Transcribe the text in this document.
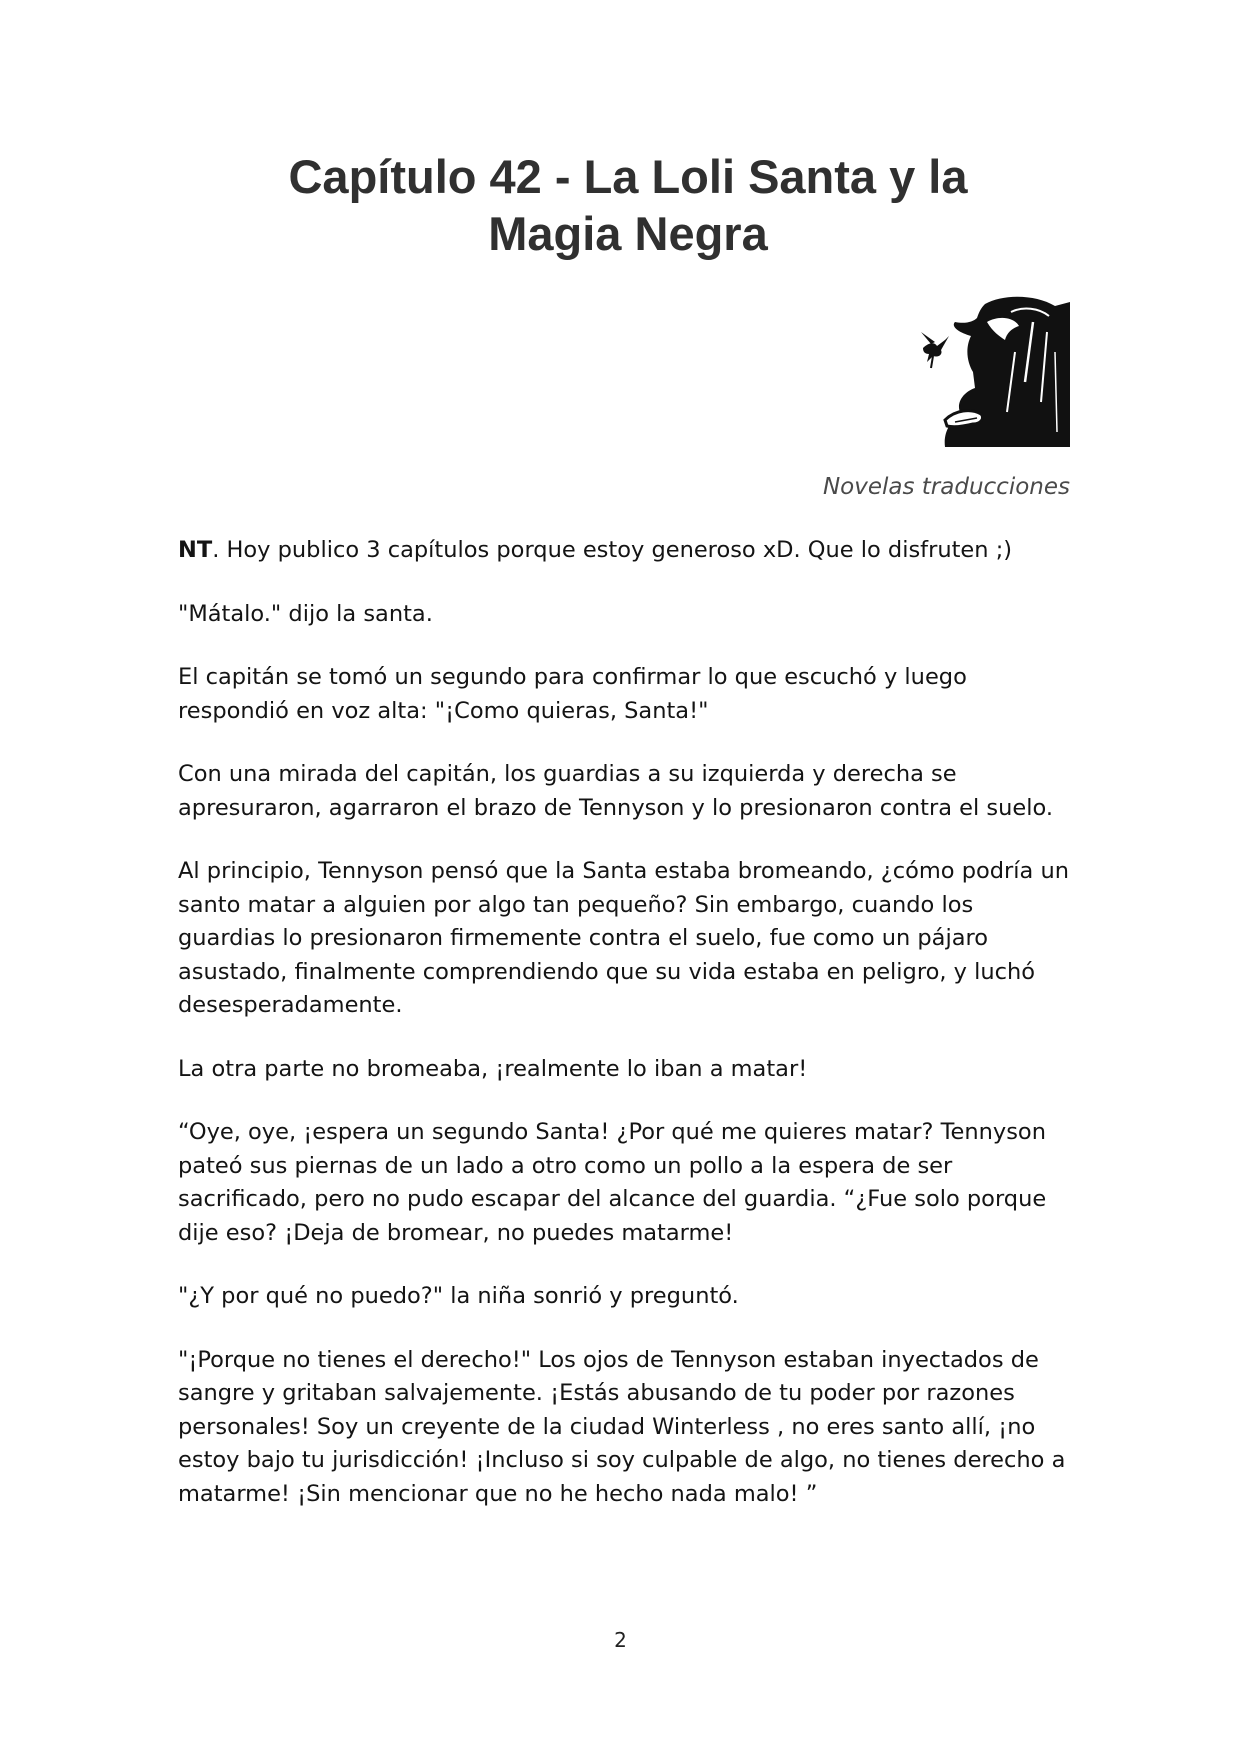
Capítulo 42 - La Loli Santa y la
Magia Negra

Novelas traducciones

NT. Hoy publico 3 capítulos porque estoy generoso xD. Que lo disfruten ;)

"Mátalo." dijo la santa.

El capitán se tomó un segundo para confirmar lo que escuchó y luego respondió en voz alta: "¡Como quieras, Santa!"

Con una mirada del capitán, los guardias a su izquierda y derecha se apresuraron, agarraron el brazo de Tennyson y lo presionaron contra el suelo.

Al principio, Tennyson pensó que la Santa estaba bromeando, ¿cómo podría un santo matar a alguien por algo tan pequeño? Sin embargo, cuando los guardias lo presionaron firmemente contra el suelo, fue como un pájaro asustado, finalmente comprendiendo que su vida estaba en peligro, y luchó desesperadamente.

La otra parte no bromeaba, ¡realmente lo iban a matar!

“Oye, oye, ¡espera un segundo Santa! ¿Por qué me quieres matar? Tennyson pateó sus piernas de un lado a otro como un pollo a la espera de ser sacrificado, pero no pudo escapar del alcance del guardia. “¿Fue solo porque dije eso? ¡Deja de bromear, no puedes matarme!

"¿Y por qué no puedo?" la niña sonrió y preguntó.

"¡Porque no tienes el derecho!" Los ojos de Tennyson estaban inyectados de sangre y gritaban salvajemente. ¡Estás abusando de tu poder por razones personales! Soy un creyente de la ciudad Winterless , no eres santo allí, ¡no estoy bajo tu jurisdicción! ¡Incluso si soy culpable de algo, no tienes derecho a matarme! ¡Sin mencionar que no he hecho nada malo! ”

2
